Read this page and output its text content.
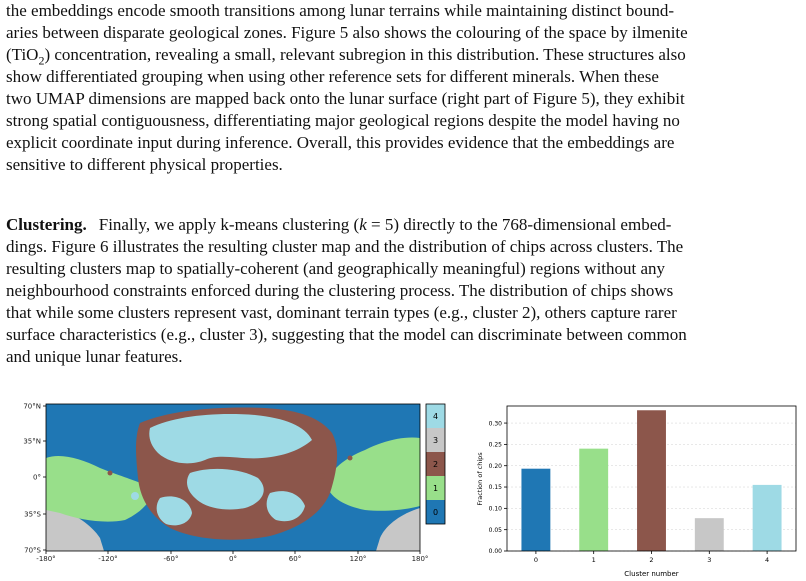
the embeddings encode smooth transitions among lunar terrains while maintaining distinct bound-
aries between disparate geological zones. Figure 5 also shows the colouring of the space by ilmenite
(TiO$_2$) concentration, revealing a small, relevant subregion in this distribution. These structures also
show differentiated grouping when using other reference sets for different minerals. When these
two UMAP dimensions are mapped back onto the lunar surface (right part of Figure 5), they exhibit
strong spatial contiguousness, differentiating major geological regions despite the model having no
explicit coordinate input during inference. Overall, this provides evidence that the embeddings are
sensitive to different physical properties.
Clustering. Finally, we apply k-means clustering (k = 5) directly to the 768-dimensional embed-
dings. Figure 6 illustrates the resulting cluster map and the distribution of chips across clusters. The
resulting clusters map to spatially-coherent (and geographically meaningful) regions without any
neighbourhood constraints enforced during the clustering process. The distribution of chips shows
that while some clusters represent vast, dominant terrain types (e.g., cluster 2), others capture rarer
surface characteristics (e.g., cluster 3), suggesting that the model can discriminate between common
and unique lunar features.
70°N
35°N
0°
35°S
70°S
-180°	-120°	-60°	0°	60°	120°	180°
4
3
2
1
0
0.00
0.05
0.10
0.15
0.20
0.25
0.30
0	1	2	3	4
Fraction of chips
Cluster number
